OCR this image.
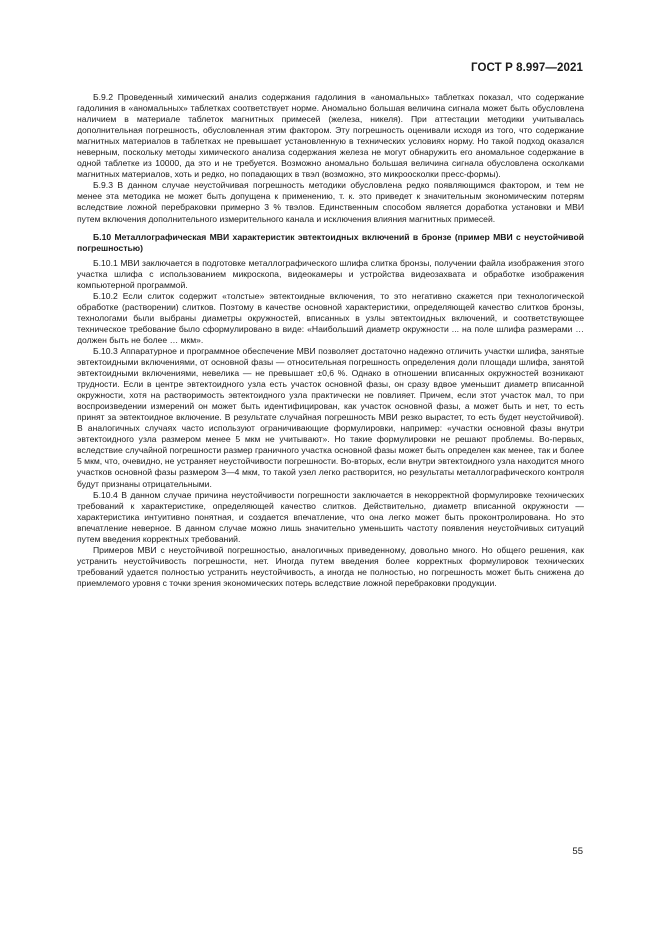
ГОСТ Р 8.997—2021

Б.9.2 Проведенный химический анализ содержания гадолиния в «аномальных» таблетках показал, что содержание гадолиния в «аномальных» таблетках соответствует норме. Аномально большая величина сигнала может быть обусловлена наличием в материале таблеток магнитных примесей (железа, никеля). При аттестации методики учитывалась дополнительная погрешность, обусловленная этим фактором. Эту погрешность оценивали исходя из того, что содержание магнитных материалов в таблетках не превышает установленную в технических условиях норму. Но такой подход оказался неверным, поскольку методы химического анализа содержания железа не могут обнаружить его аномальное содержание в одной таблетке из 10000, да это и не требуется. Возможно аномально большая величина сигнала обусловлена осколками магнитных материалов, хоть и редко, но попадающих в твэл (возможно, это микроосколки пресс-формы).

Б.9.3 В данном случае неустойчивая погрешность методики обусловлена редко появляющимся фактором, и тем не менее эта методика не может быть допущена к применению, т. к. это приведет к значительным экономическим потерям вследствие ложной перебраковки примерно 3 % твэлов. Единственным способом является доработка установки и МВИ путем включения дополнительного измерительного канала и исключения влияния магнитных примесей.

Б.10 Металлографическая МВИ характеристик эвтектоидных включений в бронзе (пример МВИ с неустойчивой погрешностью)

Б.10.1 МВИ заключается в подготовке металлографического шлифа слитка бронзы, получении файла изображения этого участка шлифа с использованием микроскопа, видеокамеры и устройства видеозахвата и обработке изображения компьютерной программой.

Б.10.2 Если слиток содержит «толстые» эвтектоидные включения, то это негативно скажется при технологической обработке (растворении) слитков. Поэтому в качестве основной характеристики, определяющей качество слитков бронзы, технологами были выбраны диаметры окружностей, вписанных в узлы эвтектоидных включений, и соответствующее техническое требование было сформулировано в виде: «Наибольший диаметр окружности ... на поле шлифа размерами … должен быть не более … мкм».

Б.10.3 Аппаратурное и программное обеспечение МВИ позволяет достаточно надежно отличить участки шлифа, занятые эвтектоидными включениями, от основной фазы — относительная погрешность определения доли площади шлифа, занятой эвтектоидными включениями, невелика — не превышает ±0,6 %. Однако в отношении вписанных окружностей возникают трудности. Если в центре эвтектоидного узла есть участок основной фазы, он сразу вдвое уменьшит диаметр вписанной окружности, хотя на растворимость эвтектоидного узла практически не повлияет. Причем, если этот участок мал, то при воспроизведении измерений он может быть идентифицирован, как участок основной фазы, а может быть и нет, то есть принят за эвтектоидное включение. В результате случайная погрешность МВИ резко вырастет, то есть будет неустойчивой). В аналогичных случаях часто используют ограничивающие формулировки, например: «участки основной фазы внутри эвтектоидного узла размером менее 5 мкм не учитывают». Но такие формулировки не решают проблемы. Во-первых, вследствие случайной погрешности размер граничного участка основной фазы может быть определен как менее, так и более 5 мкм, что, очевидно, не устраняет неустойчивости погрешности. Во-вторых, если внутри эвтектоидного узла находится много участков основной фазы размером 3—4 мкм, то такой узел легко растворится, но результаты металлографического контроля будут признаны отрицательными.

Б.10.4 В данном случае причина неустойчивости погрешности заключается в некорректной формулировке технических требований к характеристике, определяющей качество слитков. Действительно, диаметр вписанной окружности — характеристика интуитивно понятная, и создается впечатление, что она легко может быть проконтролирована. Но это впечатление неверное. В данном случае можно лишь значительно уменьшить частоту появления неустойчивых ситуаций путем введения корректных требований.

Примеров МВИ с неустойчивой погрешностью, аналогичных приведенному, довольно много. Но общего решения, как устранить неустойчивость погрешности, нет. Иногда путем введения более корректных формулировок технических требований удается полностью устранить неустойчивость, а иногда не полностью, но погрешность может быть снижена до приемлемого уровня с точки зрения экономических потерь вследствие ложной перебраковки продукции.

55
